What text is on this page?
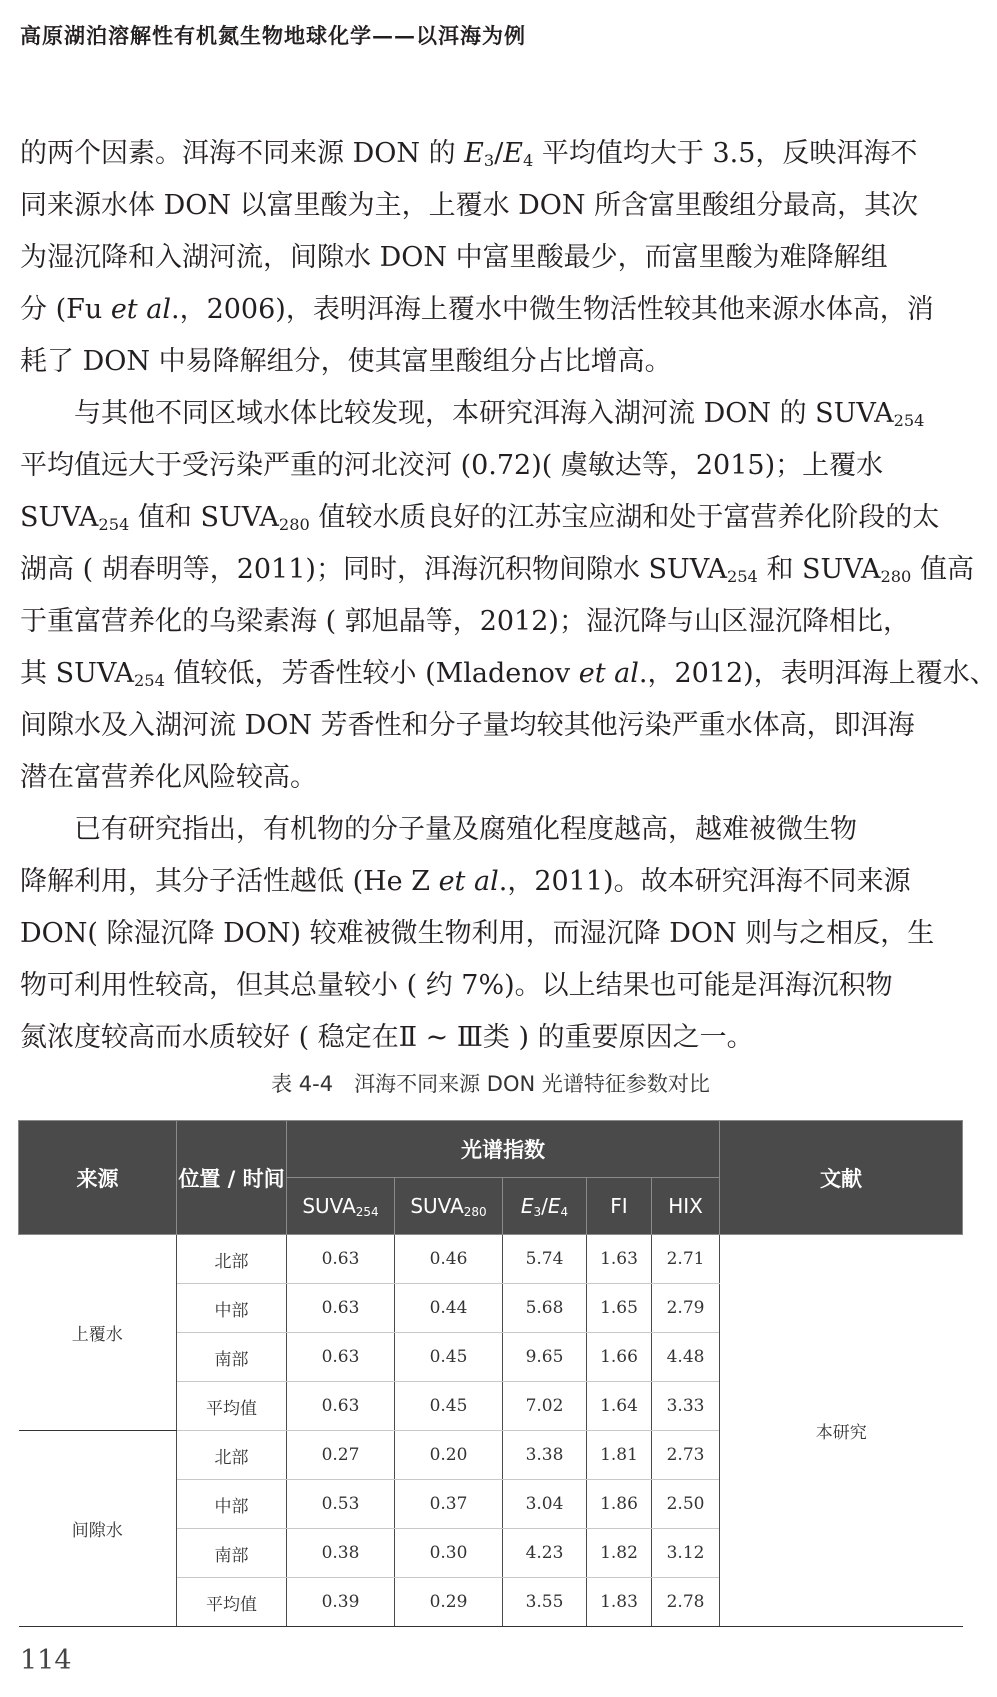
高原湖泊溶解性有机氮生物地球化学——以洱海为例

的两个因素。洱海不同来源 DON 的 $E_3/E_4$ 平均值均大于 3.5，反映洱海不
同来源水体 DON 以富里酸为主，上覆水 DON 所含富里酸组分最高，其次
为湿沉降和入湖河流，间隙水 DON 中富里酸最少，而富里酸为难降解组
分 (Fu et al.，2006)，表明洱海上覆水中微生物活性较其他来源水体高，消
耗了 DON 中易降解组分，使其富里酸组分占比增高。

与其他不同区域水体比较发现，本研究洱海入湖河流 DON 的 $SUVA_{254}$
平均值远大于受污染严重的河北洨河 (0.72)( 虞敏达等，2015)；上覆水
$SUVA_{254}$ 值和 $SUVA_{280}$ 值较水质良好的江苏宝应湖和处于富营养化阶段的太
湖高 ( 胡春明等，2011)；同时，洱海沉积物间隙水 $SUVA_{254}$ 和 $SUVA_{280}$ 值高
于重富营养化的乌梁素海 ( 郭旭晶等，2012)；湿沉降与山区湿沉降相比，
其 $SUVA_{254}$ 值较低，芳香性较小 (Mladenov et al.，2012)，表明洱海上覆水、
间隙水及入湖河流 DON 芳香性和分子量均较其他污染严重水体高，即洱海
潜在富营养化风险较高。

已有研究指出，有机物的分子量及腐殖化程度越高，越难被微生物
降解利用，其分子活性越低 (He Z et al.，2011)。故本研究洱海不同来源
DON( 除湿沉降 DON) 较难被微生物利用，而湿沉降 DON 则与之相反，生
物可利用性较高，但其总量较小 ( 约 7%)。以上结果也可能是洱海沉积物
氮浓度较高而水质较好 ( 稳定在Ⅱ ~ Ⅲ类 ) 的重要原因之一。

表 4-4　洱海不同来源 DON 光谱特征参数对比
来源	位置 / 时间	光谱指数					文献
		$SUVA_{254}$	$SUVA_{280}$	$E_3/E_4$	FI	HIX	
上覆水	北部	0.63	0.46	5.74	1.63	2.71	本研究
	中部	0.63	0.44	5.68	1.65	2.79	
	南部	0.63	0.45	9.65	1.66	4.48	
	平均值	0.63	0.45	7.02	1.64	3.33	
间隙水	北部	0.27	0.20	3.38	1.81	2.73	
	中部	0.53	0.37	3.04	1.86	2.50	
	南部	0.38	0.30	4.23	1.82	3.12	
	平均值	0.39	0.29	3.55	1.83	2.78	
114
